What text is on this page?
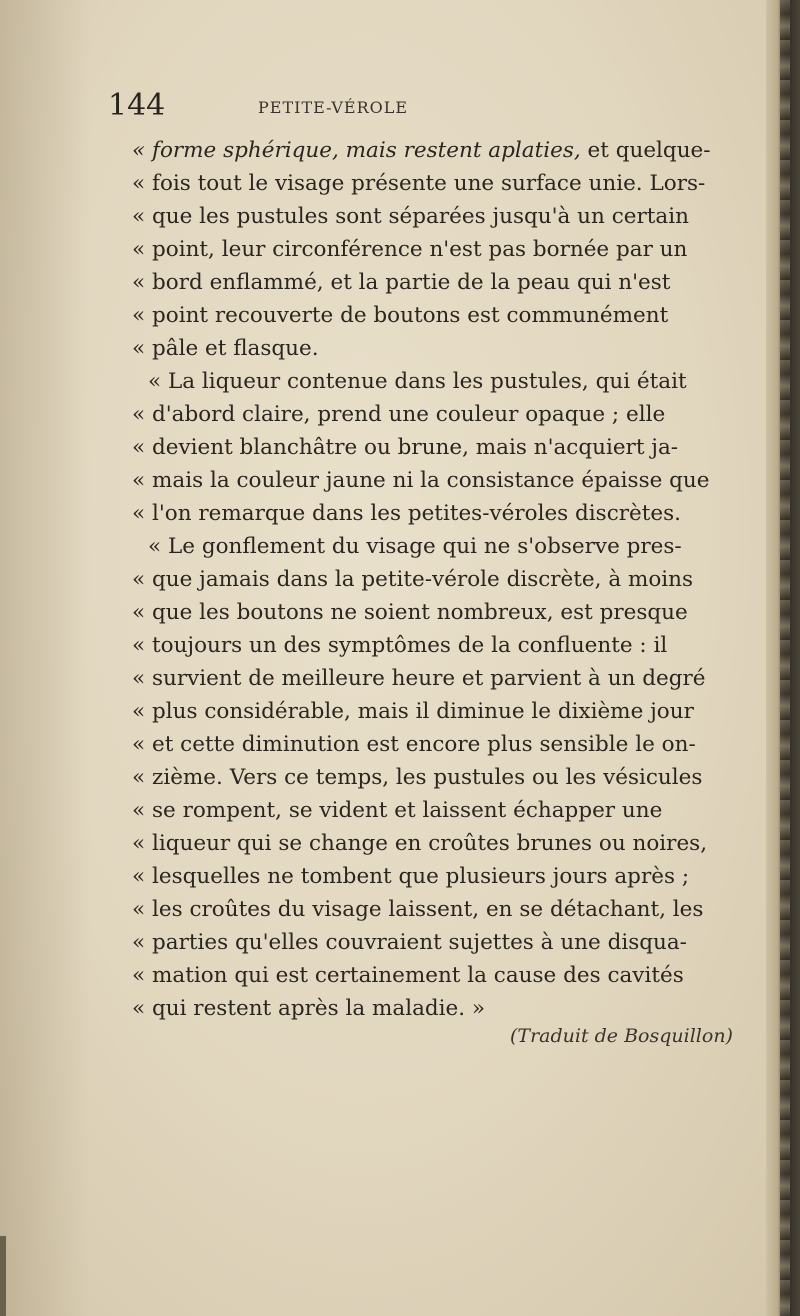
144	PETITE-VÉROLE
« forme sphérique, mais restent aplaties, et quelque-
« fois tout le visage présente une surface unie. Lors-
« que les pustules sont séparées jusqu'à un certain
« point, leur circonférence n'est pas bornée par un
« bord enflammé, et la partie de la peau qui n'est
« point recouverte de boutons est communément
« pâle et flasque.
« La liqueur contenue dans les pustules, qui était
« d'abord claire, prend une couleur opaque ; elle
« devient blanchâtre ou brune, mais n'acquiert ja-
« mais la couleur jaune ni la consistance épaisse que
« l'on remarque dans les petites-véroles discrètes.
« Le gonflement du visage qui ne s'observe pres-
« que jamais dans la petite-vérole discrète, à moins
« que les boutons ne soient nombreux, est presque
« toujours un des symptômes de la confluente : il
« survient de meilleure heure et parvient à un degré
« plus considérable, mais il diminue le dixième jour
« et cette diminution est encore plus sensible le on-
« zième. Vers ce temps, les pustules ou les vésicules
« se rompent, se vident et laissent échapper une
« liqueur qui se change en croûtes brunes ou noires,
« lesquelles ne tombent que plusieurs jours après ;
« les croûtes du visage laissent, en se détachant, les
« parties qu'elles couvraient sujettes à une disqua-
« mation qui est certainement la cause des cavités
« qui restent après la maladie. »
(Traduit de Bosquillon)
